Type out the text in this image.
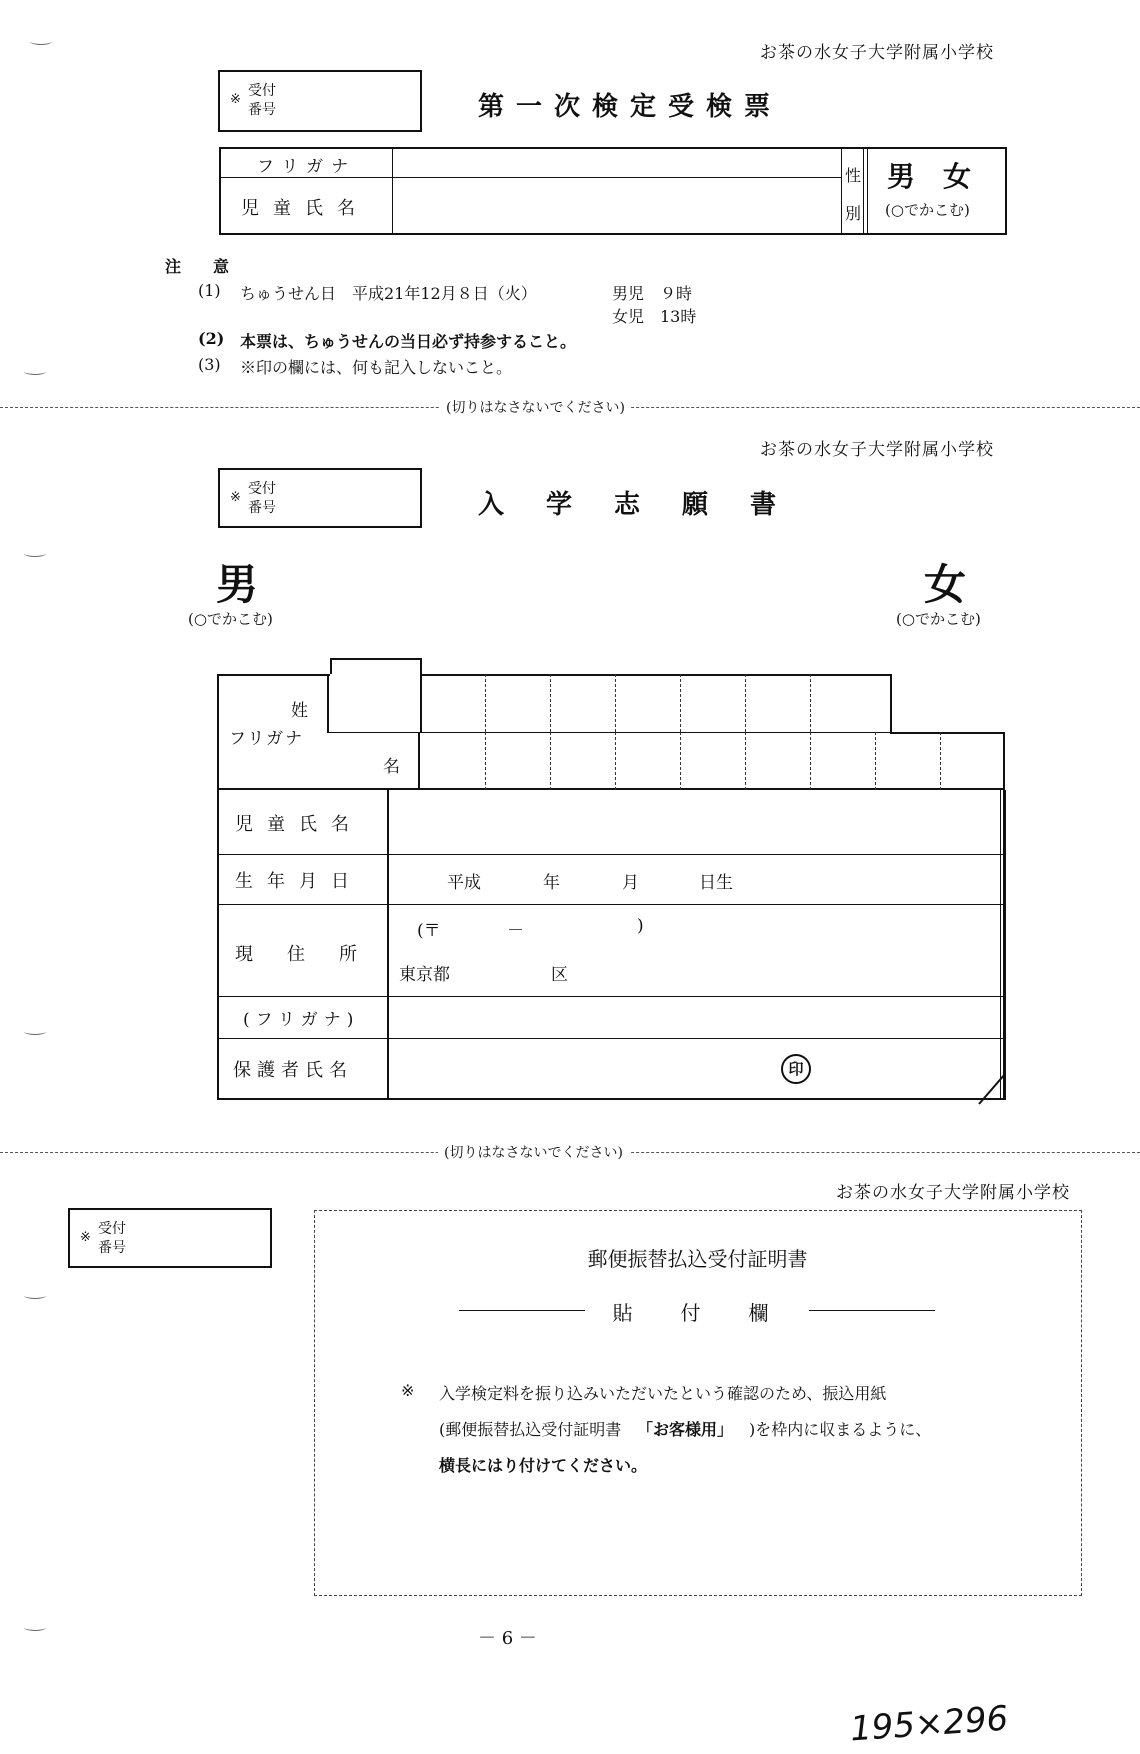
お茶の水女子大学附属小学校
※
受付
番号	第一次検定受検票
フリガナ
児童氏名
性
別
男　女
(○でかこむ)
注　　意
(1) ちゅうせん日　平成21年12月８日（火）	男児　９時
女児　13時
(2) 本票は、ちゅうせんの当日必ず持参すること。
(3) ※印の欄には、何も記入しないこと。
(切りはなさないでください)
お茶の水女子大学附属小学校
※
受付
番号	入学志願書
男
(○でかこむ)
女
(○でかこむ)
姓
フリガナ
名
児童氏名
生年月日	平成	年	月	日生
現住所
(〒	－	)
東京都	区
(フリガナ)
保護者氏名	印
(切りはなさないでください)
お茶の水女子大学附属小学校
※
受付
番号	郵便振替払込受付証明書
貼　付　欄
※ 入学検定料を振り込みいただいたという確認のため、振込用紙
(郵便振替払込受付証明書 「お客様用」 )を枠内に収まるように、
横長にはり付けてください。
－ 6 －
195×296
